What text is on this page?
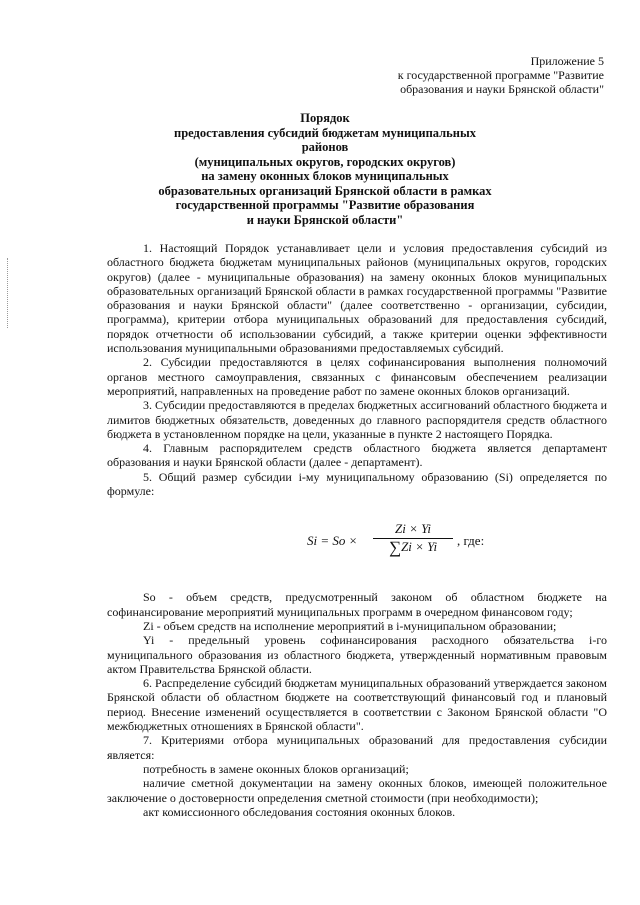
Приложение 5
к государственной программе "Развитие
образования и науки Брянской области"
Порядок
предоставления субсидий бюджетам муниципальных районов
(муниципальных округов, городских округов)
на замену оконных блоков муниципальных
образовательных организаций Брянской области в рамках
государственной программы "Развитие образования
и науки Брянской области"

1. Настоящий Порядок устанавливает цели и условия предоставления субсидий из областного бюджета бюджетам муниципальных районов (муниципальных округов, городских округов) (далее - муниципальные образования) на замену оконных блоков муниципальных образовательных организаций Брянской области в рамках государственной программы "Развитие образования и науки Брянской области" (далее соответственно - организации, субсидии, программа), критерии отбора муниципальных образований для предоставления субсидий, порядок отчетности об использовании субсидий, а также критерии оценки эффективности использования муниципальными образованиями предоставляемых субсидий.

2. Субсидии предоставляются в целях софинансирования выполнения полномочий органов местного самоуправления, связанных с финансовым обеспечением реализации мероприятий, направленных на проведение работ по замене оконных блоков организаций.

3. Субсидии предоставляются в пределах бюджетных ассигнований областного бюджета и лимитов бюджетных обязательств, доведенных до главного распорядителя средств областного бюджета в установленном порядке на цели, указанные в пункте 2 настоящего Порядка.

4. Главным распорядителем средств областного бюджета является департамент образования и науки Брянской области (далее - департамент).

5. Общий размер субсидии i-му муниципальному образованию (Si) определяется по формуле:

$Si = So \times \frac{Zi \times Yi}{\sum Zi \times Yi}$ , где:

So - объем средств, предусмотренный законом об областном бюджете на софинансирование мероприятий муниципальных программ в очередном финансовом году;

Zi - объем средств на исполнение мероприятий в i-муниципальном образовании;

Yi - предельный уровень софинансирования расходного обязательства i-го муниципального образования из областного бюджета, утвержденный нормативным правовым актом Правительства Брянской области.

6. Распределение субсидий бюджетам муниципальных образований утверждается законом Брянской области об областном бюджете на соответствующий финансовый год и плановый период. Внесение изменений осуществляется в соответствии с Законом Брянской области "О межбюджетных отношениях в Брянской области".

7. Критериями отбора муниципальных образований для предоставления субсидии является:

потребность в замене оконных блоков организаций;

наличие сметной документации на замену оконных блоков, имеющей положительное заключение о достоверности определения сметной стоимости (при необходимости);

акт комиссионного обследования состояния оконных блоков.
